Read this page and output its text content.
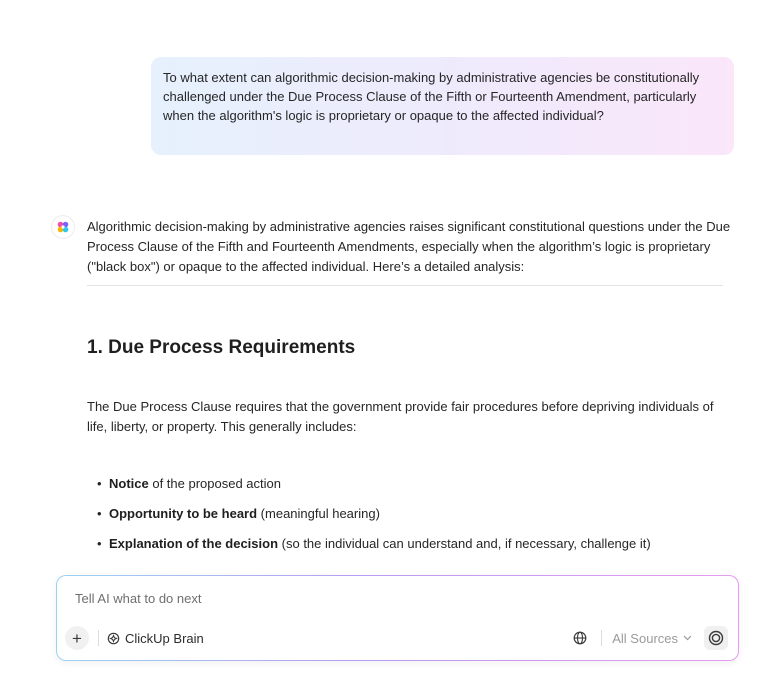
To what extent can algorithmic decision-making by administrative agencies be constitutionally challenged under the Due Process Clause of the Fifth or Fourteenth Amendment, particularly when the algorithm's logic is proprietary or opaque to the affected individual?

Algorithmic decision-making by administrative agencies raises significant constitutional questions under the Due Process Clause of the Fifth and Fourteenth Amendments, especially when the algorithm’s logic is proprietary ("black box") or opaque to the affected individual. Here’s a detailed analysis:

1. Due Process Requirements

The Due Process Clause requires that the government provide fair procedures before depriving individuals of life, liberty, or property. This generally includes:

• Notice of the proposed action
• Opportunity to be heard (meaningful hearing)
• Explanation of the decision (so the individual can understand and, if necessary, challenge it)
Tell AI what to do next
+	ClickUp Brain	All Sources
